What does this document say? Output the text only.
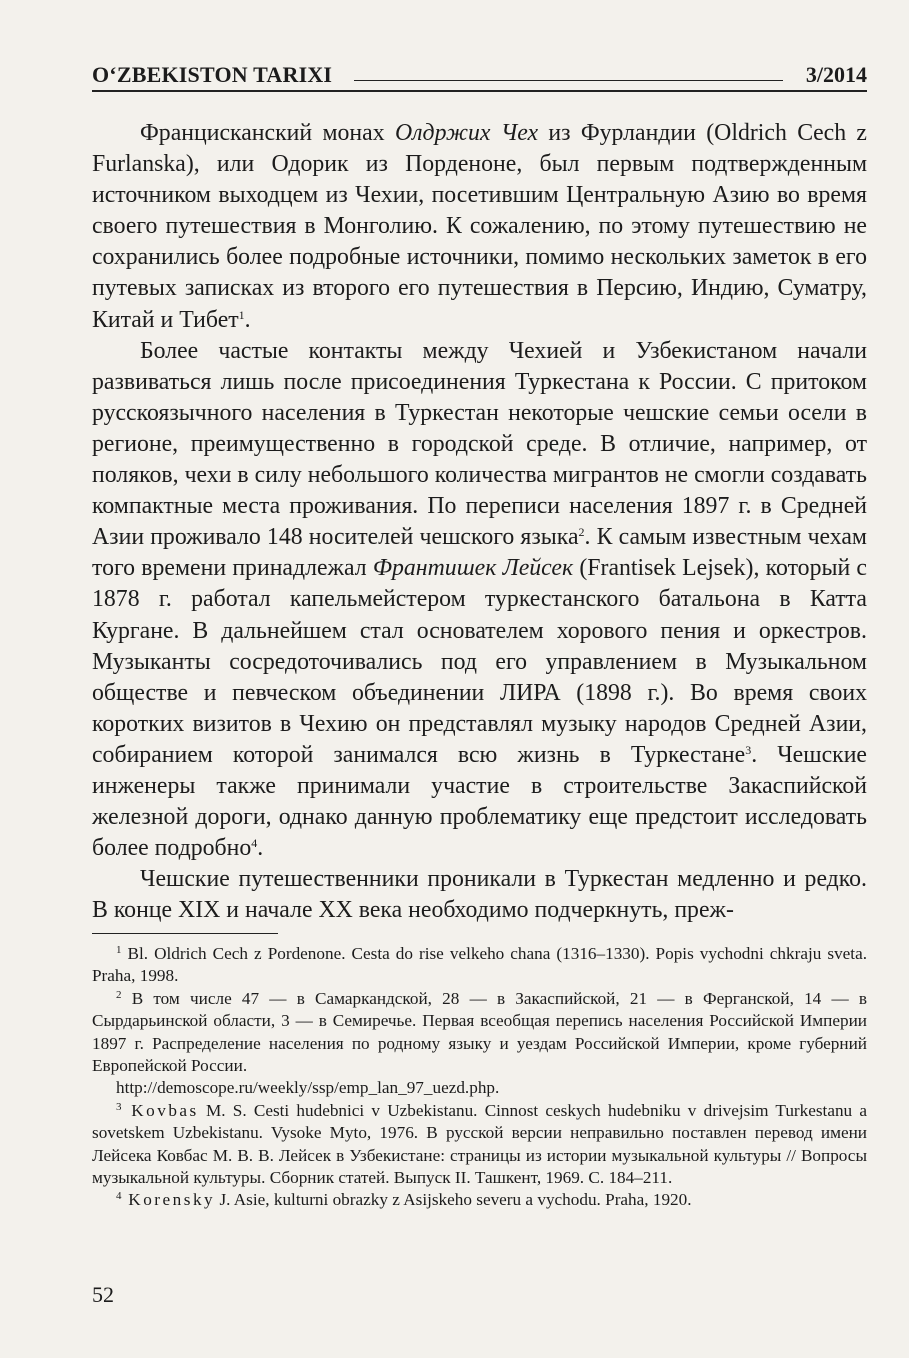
O‘ZBEKISTON TARIXI	3/2014

Францисканский монах Олдржих Чех из Фурландии (Oldrich Cech z Furlanska), или Одорик из Порденоне, был первым подтвержденным источником выходцем из Чехии, посетившим Центральную Азию во время своего путешествия в Монголию. К сожалению, по этому путешествию не сохранились более подробные источники, помимо нескольких заметок в его путевых записках из второго его путешествия в Персию, Индию, Суматру, Китай и Тибет$^1$.

Более частые контакты между Чехией и Узбекистаном начали развиваться лишь после присоединения Туркестана к России. С притоком русскоязычного населения в Туркестан некоторые чешские семьи осели в регионе, преимущественно в городской среде. В отличие, например, от поляков, чехи в силу небольшого количества мигрантов не смогли создавать компактные места проживания. По переписи населения 1897 г. в Средней Азии проживало 148 носителей чешского языка$^2$. К самым известным чехам того времени принадлежал Франтишек Лейсек (Frantisek Lejsek), который с 1878 г. работал капельмейстером туркестанского батальона в Катта Кургане. В дальнейшем стал основателем хорового пения и оркестров. Музыканты сосредоточивались под его управлением в Музыкальном обществе и певческом объединении ЛИРА (1898 г.). Во время своих коротких визитов в Чехию он представлял музыку народов Средней Азии, собиранием которой занимался всю жизнь в Туркестане$^3$. Чешские инженеры также принимали участие в строительстве Закаспийской железной дороги, однако данную проблематику еще предстоит исследовать более подробно$^4$.

Чешские путешественники проникали в Туркестан медленно и редко. В конце XIX и начале XX века необходимо подчеркнуть, преж-

$^1$ Bl. Oldrich Cech z Pordenone. Cesta do rise velkeho chana (1316–1330). Popis vychodni chkraju sveta. Praha, 1998.

$^2$ В том числе 47 — в Самаркандской, 28 — в Закаспийской, 21 — в Ферганской, 14 — в Сырдарьинской области, 3 — в Семиречье. Первая всеобщая перепись населения Российской Империи 1897 г. Распределение населения по родному языку и уездам Российской Империи, кроме губерний Европейской России.

http://demoscope.ru/weekly/ssp/emp_lan_97_uezd.php.

$^3$ Kovbas M. S. Cesti hudebnici v Uzbekistanu. Cinnost ceskych hudebniku v drivejsim Turkestanu a sovetskem Uzbekistanu. Vysoke Myto, 1976. В русской версии неправильно поставлен перевод имени Лейсека Ковбас М. В. В. Лейсек в Узбекистане: страницы из истории музыкальной культуры // Вопросы музыкальной культуры. Сборник статей. Выпуск II. Ташкент, 1969. С. 184–211.

$^4$ Korensky J. Asie, kulturni obrazky z Asijskeho severu a vychodu. Praha, 1920.

52
